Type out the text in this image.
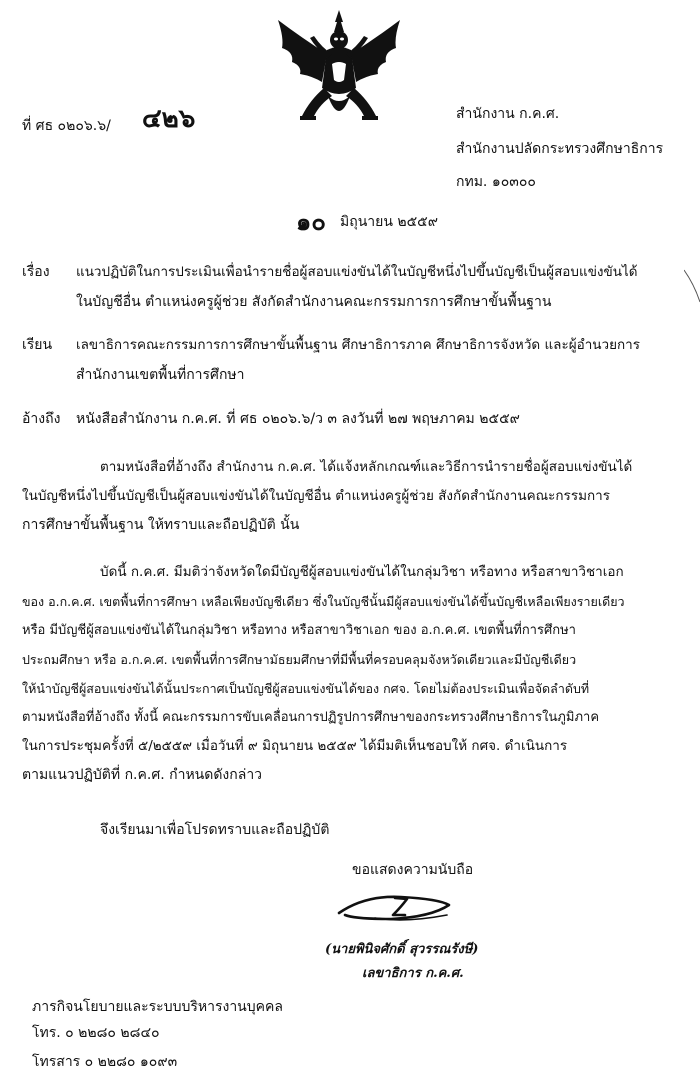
ที่ ศธ ๐๒๐๖.๖/ ๔๒๖	สำนักงาน ก.ค.ศ.
สำนักงานปลัดกระทรวงศึกษาธิการ
กทม. ๑๐๓๐๐
๑๐ มิถุนายน ๒๕๕๙
เรื่อง แนวปฏิบัติในการประเมินเพื่อนำรายชื่อผู้สอบแข่งขันได้ในบัญชีหนึ่งไปขึ้นบัญชีเป็นผู้สอบแข่งขันได้
ในบัญชีอื่น ตำแหน่งครูผู้ช่วย สังกัดสำนักงานคณะกรรมการการศึกษาขั้นพื้นฐาน
เรียน เลขาธิการคณะกรรมการการศึกษาขั้นพื้นฐาน ศึกษาธิการภาค ศึกษาธิการจังหวัด และผู้อำนวยการ
สำนักงานเขตพื้นที่การศึกษา
อ้างถึง หนังสือสำนักงาน ก.ค.ศ. ที่ ศธ ๐๒๐๖.๖/ว ๓ ลงวันที่ ๒๗ พฤษภาคม ๒๕๕๙

ตามหนังสือที่อ้างถึง สำนักงาน ก.ค.ศ. ได้แจ้งหลักเกณฑ์และวิธีการนำรายชื่อผู้สอบแข่งขันได้

ในบัญชีหนึ่งไปขึ้นบัญชีเป็นผู้สอบแข่งขันได้ในบัญชีอื่น ตำแหน่งครูผู้ช่วย สังกัดสำนักงานคณะกรรมการ

การศึกษาขั้นพื้นฐาน ให้ทราบและถือปฏิบัติ นั้น

บัดนี้ ก.ค.ศ. มีมติว่าจังหวัดใดมีบัญชีผู้สอบแข่งขันได้ในกลุ่มวิชา หรือทาง หรือสาขาวิชาเอก

ของ อ.ก.ค.ศ. เขตพื้นที่การศึกษา เหลือเพียงบัญชีเดียว ซึ่งในบัญชีนั้นมีผู้สอบแข่งขันได้ขึ้นบัญชีเหลือเพียงรายเดียว

หรือ มีบัญชีผู้สอบแข่งขันได้ในกลุ่มวิชา หรือทาง หรือสาขาวิชาเอก ของ อ.ก.ค.ศ. เขตพื้นที่การศึกษา

ประถมศึกษา หรือ อ.ก.ค.ศ. เขตพื้นที่การศึกษามัธยมศึกษาที่มีพื้นที่ครอบคลุมจังหวัดเดียวและมีบัญชีเดียว

ให้นำบัญชีผู้สอบแข่งขันได้นั้นประกาศเป็นบัญชีผู้สอบแข่งขันได้ของ กศจ. โดยไม่ต้องประเมินเพื่อจัดลำดับที่

ตามหนังสือที่อ้างถึง ทั้งนี้ คณะกรรมการขับเคลื่อนการปฏิรูปการศึกษาของกระทรวงศึกษาธิการในภูมิภาค

ในการประชุมครั้งที่ ๕/๒๕๕๙ เมื่อวันที่ ๙ มิถุนายน ๒๕๕๙ ได้มีมติเห็นชอบให้ กศจ. ดำเนินการ

ตามแนวปฏิบัติที่ ก.ค.ศ. กำหนดดังกล่าว

จึงเรียนมาเพื่อโปรดทราบและถือปฏิบัติ
ขอแสดงความนับถือ
(นายพินิจศักดิ์ สุวรรณรังษี)
เลขาธิการ ก.ค.ศ.
ภารกิจนโยบายและระบบบริหารงานบุคคล
โทร. ๐ ๒๒๘๐ ๒๘๔๐
โทรสาร ๐ ๒๒๘๐ ๑๐๙๓
